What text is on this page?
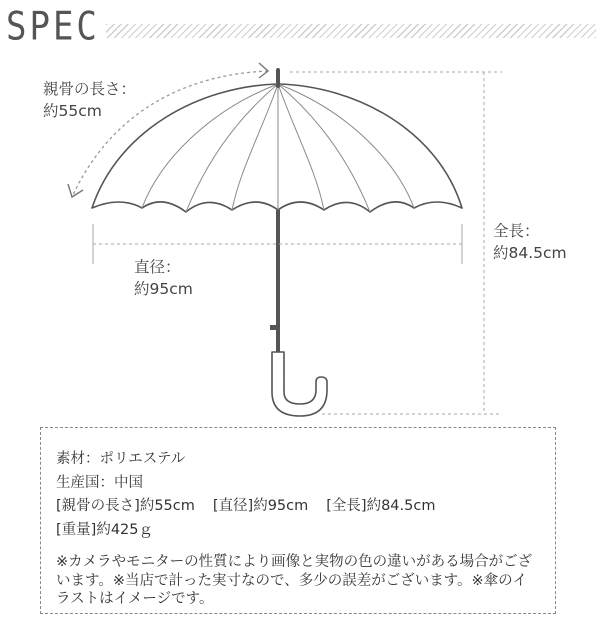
SPEC
親骨の長さ：
約55cm
直径：
約95cm
全長：
約84.5cm

素材：ポリエステル

生産国：中国

[親骨の長さ]約55cm [直径]約95cm [全長]約84.5cm

[重量]約425ｇ

※カメラやモニターの性質により画像と実物の色の違いがある場合がございます。※当店で計った実寸なので、多少の誤差がございます。※傘のイラストはイメージです。
